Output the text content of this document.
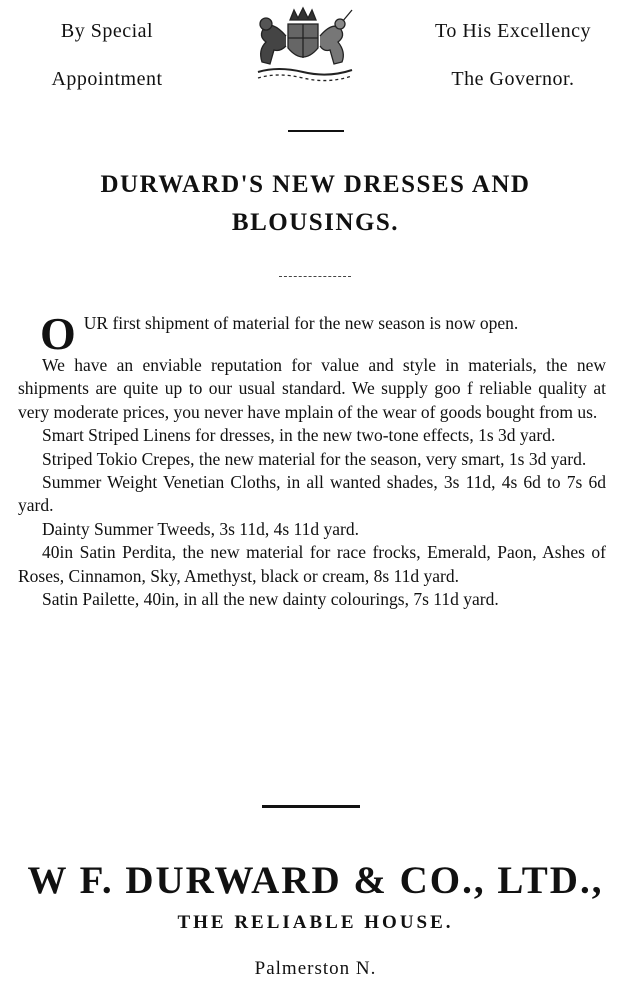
By Special
Appointment
To His Excellency
The Governor.
DURWARD'S NEW DRESSES AND
BLOUSINGS.

OUR first shipment of material for the new season is now open.

We have an enviable reputation for value and style in materials, the new shipments are quite up to our usual standard. We supply goo f reliable quality at very moderate prices, you never have mplain of the wear of goods bought from us.

Smart Striped Linens for dresses, in the new two-tone effects, 1s 3d yard.

Striped Tokio Crepes, the new material for the season, very smart, 1s 3d yard.

Summer Weight Venetian Cloths, in all wanted shades, 3s 11d, 4s 6d to 7s 6d yard.

Dainty Summer Tweeds, 3s 11d, 4s 11d yard.

40in Satin Perdita, the new material for race frocks, Emerald, Paon, Ashes of Roses, Cinnamon, Sky, Amethyst, black or cream, 8s 11d yard.

Satin Pailette, 40in, in all the new dainty colourings, 7s 11d yard.

W F. DURWARD & CO., LTD.,
THE RELIABLE HOUSE.
Palmerston N.
